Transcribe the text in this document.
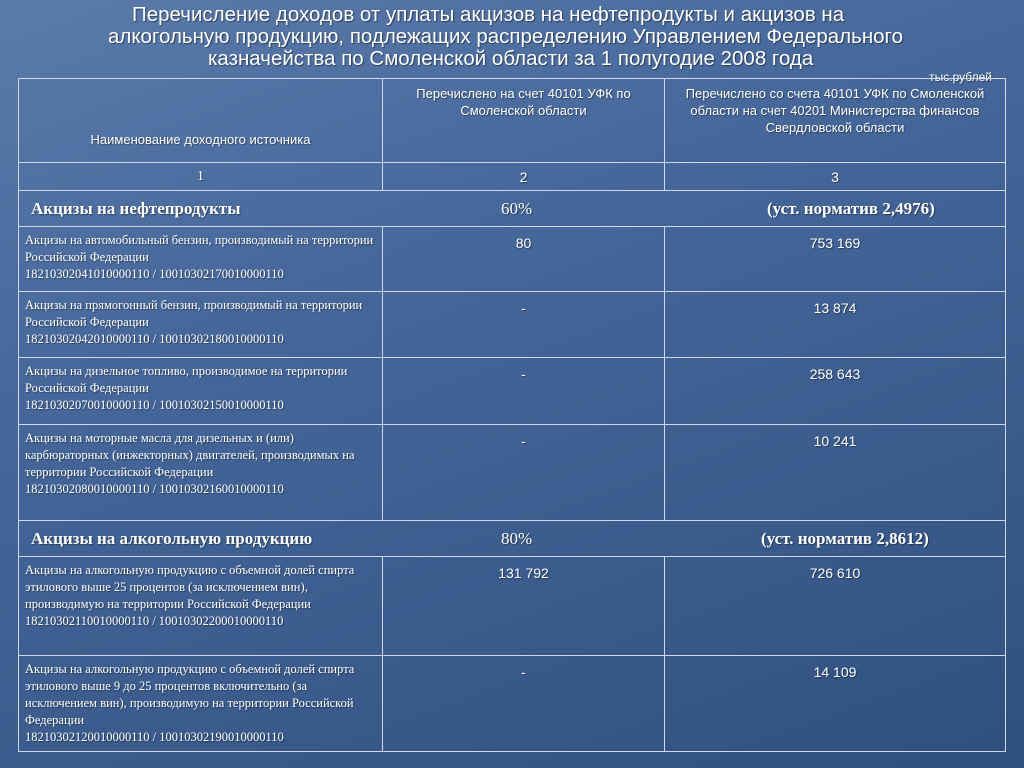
Перечисление доходов от уплаты акцизов на нефтепродукты и акцизов на
алкогольную продукцию, подлежащих распределению Управлением Федерального
казначейства по Смоленской области за 1 полугодие 2008 года
тыс.рублей
Наименование доходного источника	Перечислено на счет 40101 УФК по Смоленской области	Перечислено со счета 40101 УФК по Смоленской области на счет 40201 Министерства финансов Свердловской области
1	2	3

Акцизы на нефтепродукты 60% (уст. норматив 2,4976)		

Акцизы на автомобильный бензин, производимый на территории Российской Федерации
18210302041010000110 / 10010302170010000110	80	753 169

Акцизы на прямогонный бензин, производимый на территории Российской Федерации
18210302042010000110 / 10010302180010000110	-	13 874

Акцизы на дизельное топливо, производимое на территории Российской Федерации
18210302070010000110 / 10010302150010000110	-	258 643

Акцизы на моторные масла для дизельных и (или) карбюраторных (инжекторных) двигателей, производимых на территории Российской Федерации
18210302080010000110 / 10010302160010000110	-	10 241

Акцизы на алкогольную продукцию 80% (уст. норматив 2,8612)		

Акцизы на алкогольную продукцию с объемной долей спирта этилового выше 25 процентов (за исключением вин), производимую на территории Российской Федерации
18210302110010000110 / 10010302200010000110	131 792	726 610

Акцизы на алкогольную продукцию с объемной долей спирта этилового выше 9 до 25 процентов включительно (за исключением вин), производимую на территории Российской Федерации
18210302120010000110 / 10010302190010000110	-	14 109
